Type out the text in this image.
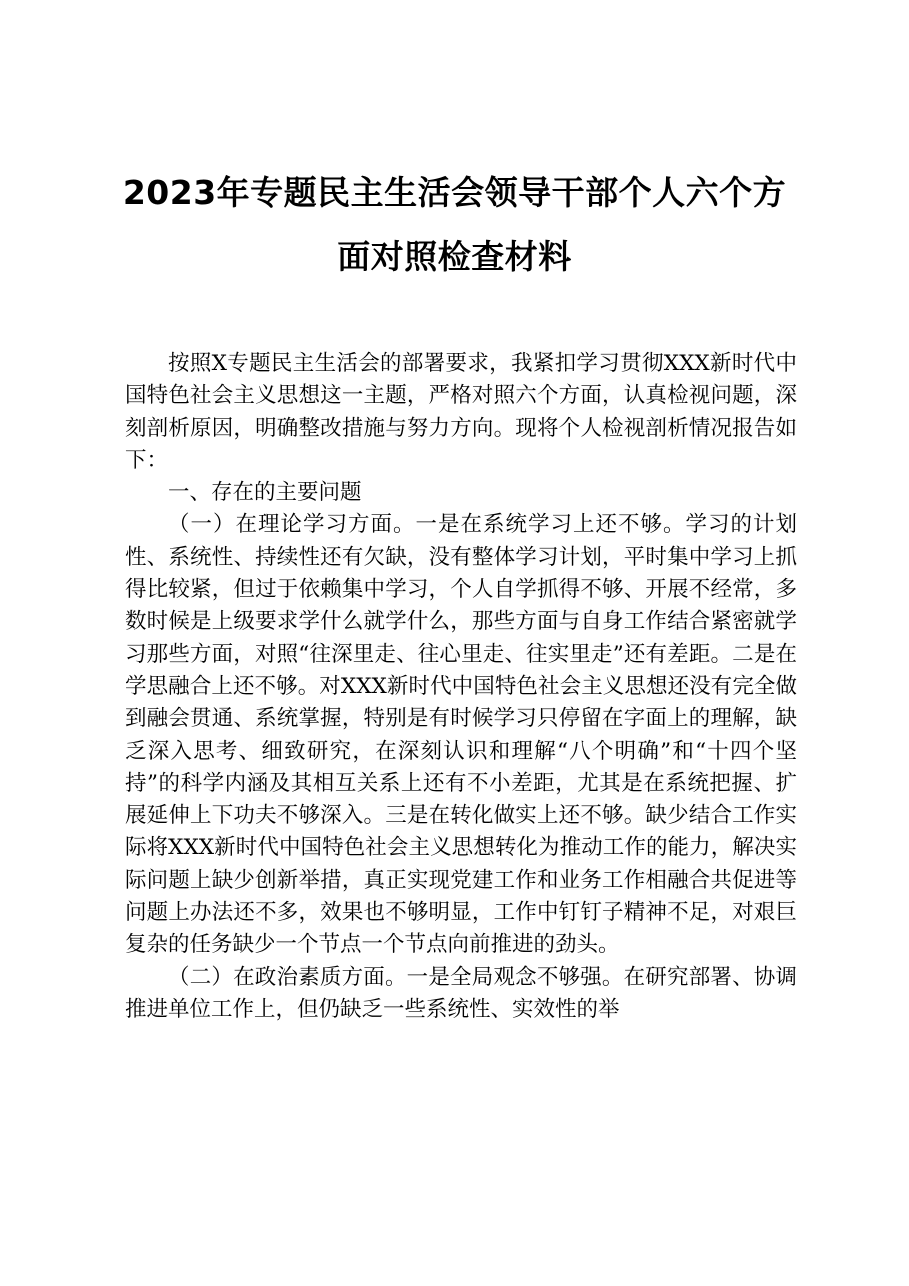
2023年专题民主生活会领导干部个人六个方
面对照检查材料

按照X专题民主生活会的部署要求，我紧扣学习贯彻XXX新时代中国特色社会主义思想这一主题，严格对照六个方面，认真检视问题，深刻剖析原因，明确整改措施与努力方向。现将个人检视剖析情况报告如下：

一、存在的主要问题

（一）在理论学习方面。一是在系统学习上还不够。学习的计划性、系统性、持续性还有欠缺，没有整体学习计划，平时集中学习上抓得比较紧，但过于依赖集中学习，个人自学抓得不够、开展不经常，多数时候是上级要求学什么就学什么，那些方面与自身工作结合紧密就学习那些方面，对照“往深里走、往心里走、往实里走”还有差距。二是在学思融合上还不够。对XXX新时代中国特色社会主义思想还没有完全做到融会贯通、系统掌握，特别是有时候学习只停留在字面上的理解，缺乏深入思考、细致研究，在深刻认识和理解“八个明确”和“十四个坚持”的科学内涵及其相互关系上还有不小差距，尤其是在系统把握、扩展延伸上下功夫不够深入。三是在转化做实上还不够。缺少结合工作实际将XXX新时代中国特色社会主义思想转化为推动工作的能力，解决实际问题上缺少创新举措，真正实现党建工作和业务工作相融合共促进等问题上办法还不多，效果也不够明显，工作中钉钉子精神不足，对艰巨复杂的任务缺少一个节点一个节点向前推进的劲头。

（二）在政治素质方面。一是全局观念不够强。在研究部署、协调推进单位工作上，但仍缺乏一些系统性、实效性的举
